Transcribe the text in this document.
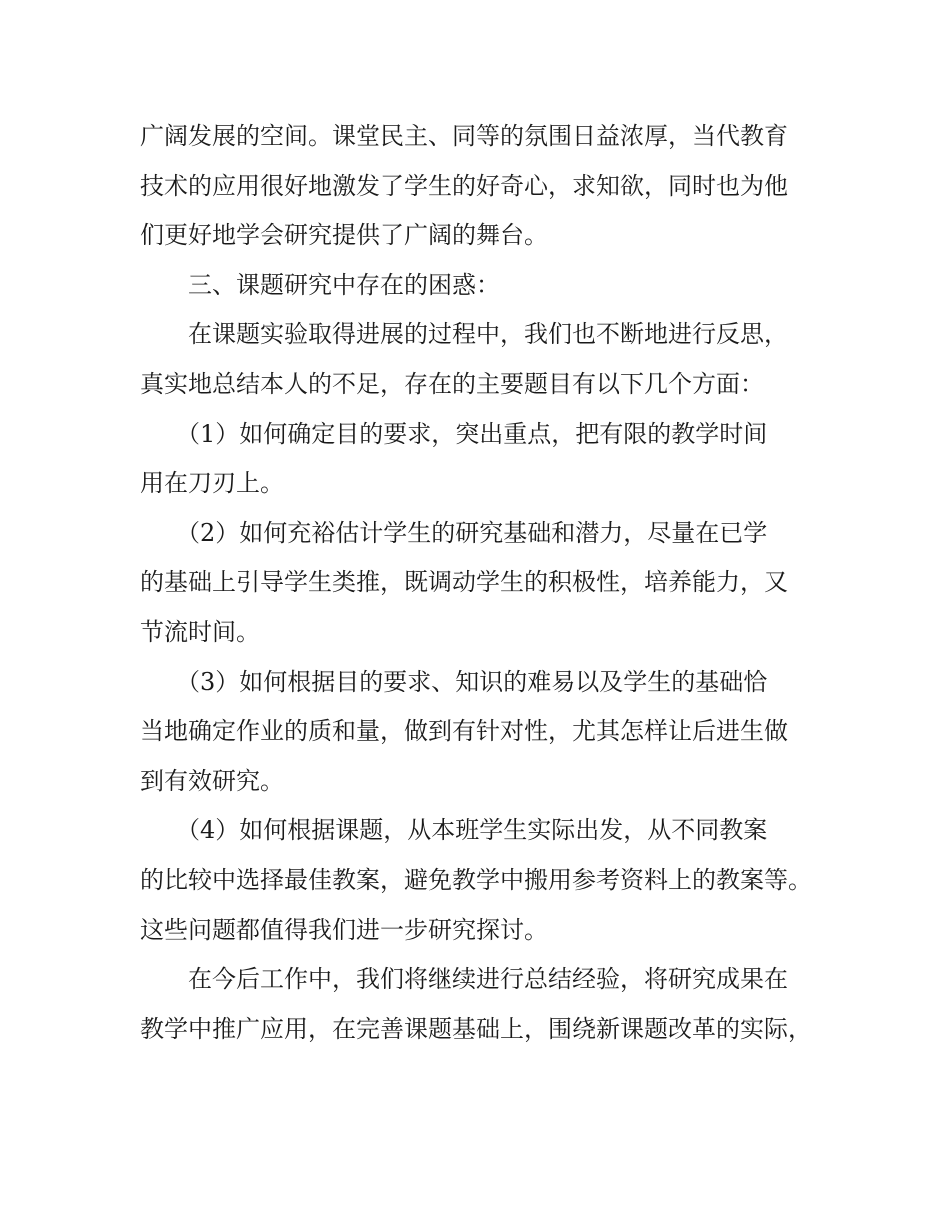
广阔发展的空间。课堂民主、同等的氛围日益浓厚，当代教育
技术的应用很好地激发了学生的好奇心，求知欲，同时也为他
们更好地学会研究提供了广阔的舞台。
三、课题研究中存在的困惑：
在课题实验取得进展的过程中，我们也不断地进行反思，
真实地总结本人的不足，存在的主要题目有以下几个方面：
（1）如何确定目的要求，突出重点，把有限的教学时间
用在刀刃上。
（2）如何充裕估计学生的研究基础和潜力，尽量在已学
的基础上引导学生类推，既调动学生的积极性，培养能力，又
节流时间。
（3）如何根据目的要求、知识的难易以及学生的基础恰
当地确定作业的质和量，做到有针对性，尤其怎样让后进生做
到有效研究。
（4）如何根据课题，从本班学生实际出发，从不同教案
的比较中选择最佳教案，避免教学中搬用参考资料上的教案等。
这些问题都值得我们进一步研究探讨。
在今后工作中，我们将继续进行总结经验，将研究成果在
教学中推广应用，在完善课题基础上，围绕新课题改革的实际，
